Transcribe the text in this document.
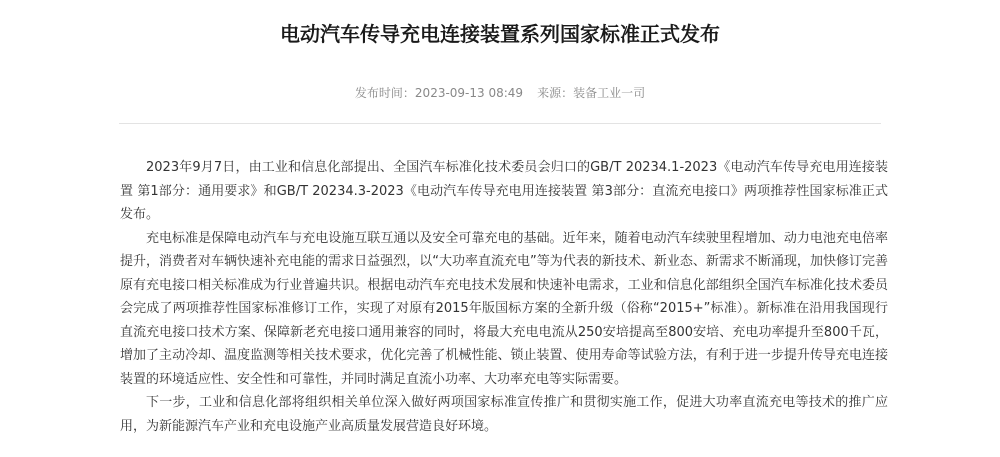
电动汽车传导充电连接装置系列国家标准正式发布
发布时间：2023-09-13 08:49 来源：装备工业一司

2023年9月7日，由工业和信息化部提出、全国汽车标准化技术委员会归口的GB/T 20234.1-2023《电动汽车传导充电用连接装置 第1部分：通用要求》和GB/T 20234.3-2023《电动汽车传导充电用连接装置 第3部分：直流充电接口》两项推荐性国家标准正式发布。

充电标准是保障电动汽车与充电设施互联互通以及安全可靠充电的基础。近年来，随着电动汽车续驶里程增加、动力电池充电倍率提升，消费者对车辆快速补充电能的需求日益强烈，以“大功率直流充电”等为代表的新技术、新业态、新需求不断涌现，加快修订完善原有充电接口相关标准成为行业普遍共识。根据电动汽车充电技术发展和快速补电需求，工业和信息化部组织全国汽车标准化技术委员会完成了两项推荐性国家标准修订工作，实现了对原有2015年版国标方案的全新升级（俗称“2015+”标准）。新标准在沿用我国现行直流充电接口技术方案、保障新老充电接口通用兼容的同时，将最大充电电流从250安培提高至800安培、充电功率提升至800千瓦，增加了主动冷却、温度监测等相关技术要求，优化完善了机械性能、锁止装置、使用寿命等试验方法，有利于进一步提升传导充电连接装置的环境适应性、安全性和可靠性，并同时满足直流小功率、大功率充电等实际需要。

下一步，工业和信息化部将组织相关单位深入做好两项国家标准宣传推广和贯彻实施工作，促进大功率直流充电等技术的推广应用，为新能源汽车产业和充电设施产业高质量发展营造良好环境。
